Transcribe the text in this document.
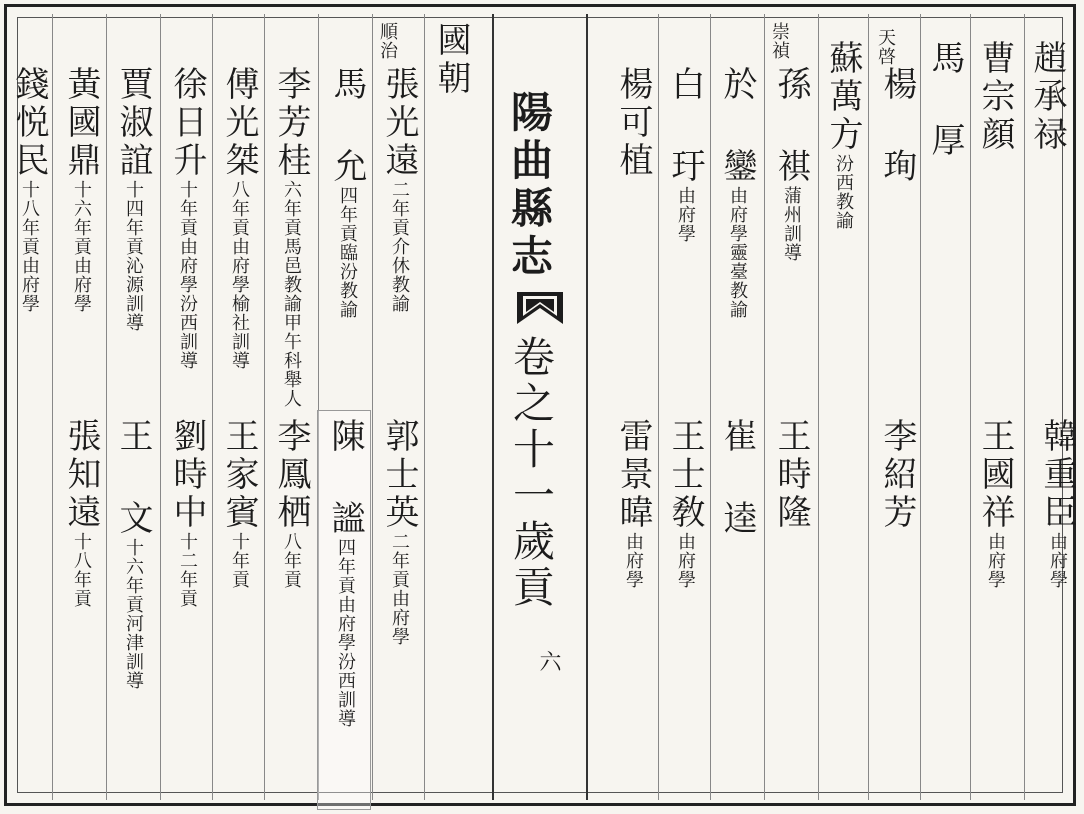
陽曲縣志
卷之十一歲貢
六
趙承禄
韓重臣由府學
曹宗顔
王國祥由府學
馬 厚
天啓
楊 珣
李紹芳
蘇萬方汾西教諭
崇禎
孫 褀蒲州訓導
王時隆
於 鑾由府學靈臺教諭
崔 逵
白 玗由府學
王士敎由府學
楊可植
雷景暐由府學
國朝
順治
張光遠二年貢介休教諭
郭士英二年貢由府學
馬 允四年貢臨汾教諭
陳 謐四年貢由府學汾西訓導
李芳桂六年貢馬邑教諭甲午科舉人
李鳳栖八年貢
傅光桀八年貢由府學榆社訓導
王家賓十年貢
徐日升十年貢由府學汾西訓導
劉時中十二年貢
賈淑誼十四年貢沁源訓導
王 文十六年貢河津訓導
黃國鼎十六年貢由府學
張知遠十八年貢
錢悦民十八年貢由府學
